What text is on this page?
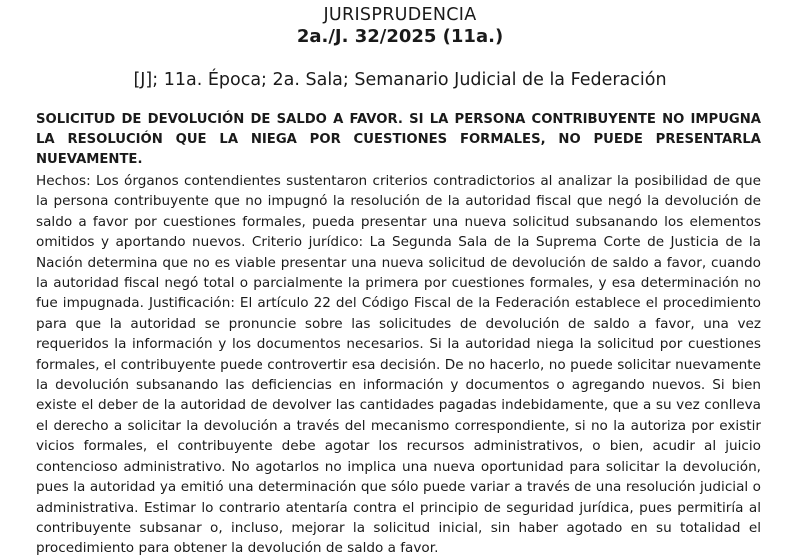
JURISPRUDENCIA
2a./J. 32/2025 (11a.)
[J]; 11a. Época; 2a. Sala; Semanario Judicial de la Federación

SOLICITUD DE DEVOLUCIÓN DE SALDO A FAVOR. SI LA PERSONA CONTRIBUYENTE NO IMPUGNA LA RESOLUCIÓN QUE LA NIEGA POR CUESTIONES FORMALES, NO PUEDE PRESENTARLA NUEVAMENTE.

Hechos: Los órganos contendientes sustentaron criterios contradictorios al analizar la posibilidad de que la persona contribuyente que no impugnó la resolución de la autoridad fiscal que negó la devolución de saldo a favor por cuestiones formales, pueda presentar una nueva solicitud subsanando los elementos omitidos y aportando nuevos. Criterio jurídico: La Segunda Sala de la Suprema Corte de Justicia de la Nación determina que no es viable presentar una nueva solicitud de devolución de saldo a favor, cuando la autoridad fiscal negó total o parcialmente la primera por cuestiones formales, y esa determinación no fue impugnada. Justificación: El artículo 22 del Código Fiscal de la Federación establece el procedimiento para que la autoridad se pronuncie sobre las solicitudes de devolución de saldo a favor, una vez requeridos la información y los documentos necesarios. Si la autoridad niega la solicitud por cuestiones formales, el contribuyente puede controvertir esa decisión. De no hacerlo, no puede solicitar nuevamente la devolución subsanando las deficiencias en información y documentos o agregando nuevos. Si bien existe el deber de la autoridad de devolver las cantidades pagadas indebidamente, que a su vez conlleva el derecho a solicitar la devolución a través del mecanismo correspondiente, si no la autoriza por existir vicios formales, el contribuyente debe agotar los recursos administrativos, o bien, acudir al juicio contencioso administrativo. No agotarlos no implica una nueva oportunidad para solicitar la devolución, pues la autoridad ya emitió una determinación que sólo puede variar a través de una resolución judicial o administrativa. Estimar lo contrario atentaría contra el principio de seguridad jurídica, pues permitiría al contribuyente subsanar o, incluso, mejorar la solicitud inicial, sin haber agotado en su totalidad el procedimiento para obtener la devolución de saldo a favor.
